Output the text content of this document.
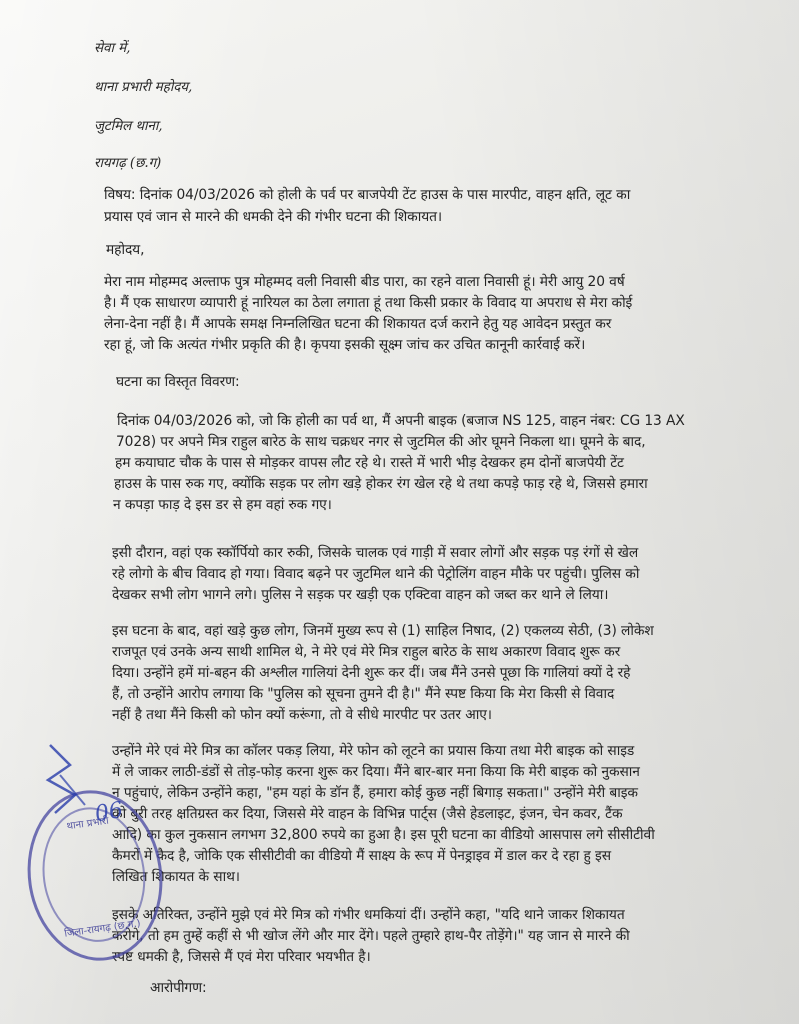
सेवा में,
थाना प्रभारी महोदय,
जुटमिल थाना,
रायगढ़ (छ.ग)
विषय: दिनांक 04/03/2026 को होली के पर्व पर बाजपेयी टेंट हाउस के पास मारपीट, वाहन क्षति, लूट का
प्रयास एवं जान से मारने की धमकी देने की गंभीर घटना की शिकायत।
महोदय,
मेरा नाम मोहम्मद अल्ताफ पुत्र मोहम्मद वली निवासी बीड पारा, का रहने वाला निवासी हूं। मेरी आयु 20 वर्ष
है। मैं एक साधारण व्यापारी हूं नारियल का ठेला लगाता हूं तथा किसी प्रकार के विवाद या अपराध से मेरा कोई
लेना-देना नहीं है। मैं आपके समक्ष निम्नलिखित घटना की शिकायत दर्ज कराने हेतु यह आवेदन प्रस्तुत कर
रहा हूं, जो कि अत्यंत गंभीर प्रकृति की है। कृपया इसकी सूक्ष्म जांच कर उचित कानूनी कार्रवाई करें।
घटना का विस्तृत विवरण:
दिनांक 04/03/2026 को, जो कि होली का पर्व था, मैं अपनी बाइक (बजाज NS 125, वाहन नंबर: CG 13 AX
7028) पर अपने मित्र राहुल बारेठ के साथ चक्रधर नगर से जुटमिल की ओर घूमने निकला था। घूमने के बाद,
हम कयाघाट चौक के पास से मोड़कर वापस लौट रहे थे। रास्ते में भारी भीड़ देखकर हम दोनों बाजपेयी टेंट
हाउस के पास रुक गए, क्योंकि सड़क पर लोग खड़े होकर रंग खेल रहे थे तथा कपड़े फाड़ रहे थे, जिससे हमारा
न कपड़ा फाड़ दे इस डर से हम वहां रुक गए।
इसी दौरान, वहां एक स्कॉर्पियो कार रुकी, जिसके चालक एवं गाड़ी में सवार लोगों और सड़क पड़ रंगों से खेल
रहे लोगो के बीच विवाद हो गया। विवाद बढ़ने पर जुटमिल थाने की पेट्रोलिंग वाहन मौके पर पहुंची। पुलिस को
देखकर सभी लोग भागने लगे। पुलिस ने सड़क पर खड़ी एक एक्टिवा वाहन को जब्त कर थाने ले लिया।
इस घटना के बाद, वहां खड़े कुछ लोग, जिनमें मुख्य रूप से (1) साहिल निषाद, (2) एकलव्य सेठी, (3) लोकेश
राजपूत एवं उनके अन्य साथी शामिल थे, ने मेरे एवं मेरे मित्र राहुल बारेठ के साथ अकारण विवाद शुरू कर
दिया। उन्होंने हमें मां-बहन की अश्लील गालियां देनी शुरू कर दीं। जब मैंने उनसे पूछा कि गालियां क्यों दे रहे
हैं, तो उन्होंने आरोप लगाया कि "पुलिस को सूचना तुमने दी है।" मैंने स्पष्ट किया कि मेरा किसी से विवाद
नहीं है तथा मैंने किसी को फोन क्यों करूंगा, तो वे सीधे मारपीट पर उतर आए।
उन्होंने मेरे एवं मेरे मित्र का कॉलर पकड़ लिया, मेरे फोन को लूटने का प्रयास किया तथा मेरी बाइक को साइड
में ले जाकर लाठी-डंडों से तोड़-फोड़ करना शुरू कर दिया। मैंने बार-बार मना किया कि मेरी बाइक को नुकसान
न पहुंचाएं, लेकिन उन्होंने कहा, "हम यहां के डॉन हैं, हमारा कोई कुछ नहीं बिगाड़ सकता।" उन्होंने मेरी बाइक
को बुरी तरह क्षतिग्रस्त कर दिया, जिससे मेरे वाहन के विभिन्न पार्ट्स (जैसे हेडलाइट, इंजन, चेन कवर, टैंक
आदि) का कुल नुकसान लगभग 32,800 रुपये का हुआ है। इस पूरी घटना का वीडियो आसपास लगे सीसीटीवी
कैमरों में कैद है, जोकि एक सीसीटीवी का वीडियो मैं साक्ष्य के रूप में पेनड्राइव में डाल कर दे रहा हु इस
लिखित शिकायत के साथ।
इसके अतिरिक्त, उन्होंने मुझे एवं मेरे मित्र को गंभीर धमकियां दीं। उन्होंने कहा, "यदि थाने जाकर शिकायत
करोगे, तो हम तुम्हें कहीं से भी खोज लेंगे और मार देंगे। पहले तुम्हारे हाथ-पैर तोड़ेंगे।" यह जान से मारने की
स्पष्ट धमकी है, जिससे मैं एवं मेरा परिवार भयभीत है।
आरोपीगण:
थाना प्रभारी
जिला-रायगढ़ (छ.ग.)
06
